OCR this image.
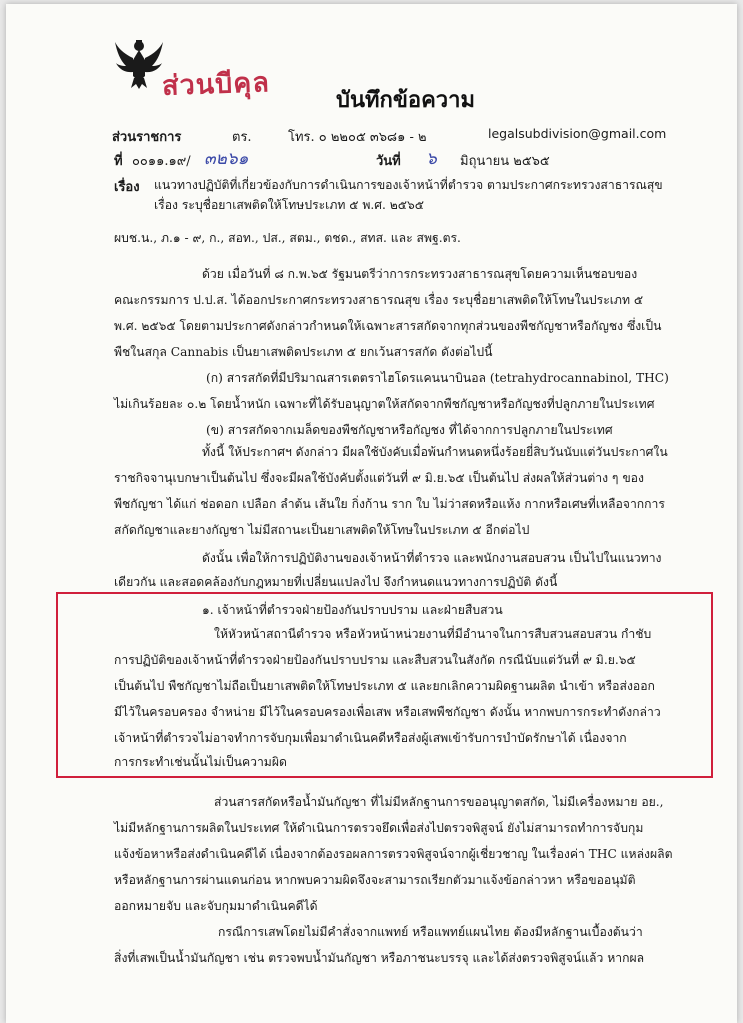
ส่วนบีคุล	บันทึกข้อความ
ส่วนราชการ	ตร.	โทร. ๐ ๒๒๐๕ ๓๖๘๑ - ๒	legalsubdivision@gmail.com
ที่ ๐๐๑๑.๑๙/ ๓๒๖๑	วันที่ ๖ มิถุนายน ๒๕๖๕
เรื่อง แนวทางปฏิบัติที่เกี่ยวข้องกับการดำเนินการของเจ้าหน้าที่ตำรวจ ตามประกาศกระทรวงสาธารณสุข
เรื่อง ระบุชื่อยาเสพติดให้โทษประเภท ๕ พ.ศ. ๒๕๖๕
ผบช.น., ภ.๑ - ๙, ก., สอท., ปส., สตม., ตชด., สทส. และ สพฐ.ตร.
ด้วย เมื่อวันที่ ๘ ก.พ.๖๕ รัฐมนตรีว่าการกระทรวงสาธารณสุขโดยความเห็นชอบของ
คณะกรรมการ ป.ป.ส. ได้ออกประกาศกระทรวงสาธารณสุข เรื่อง ระบุชื่อยาเสพติดให้โทษในประเภท ๕
พ.ศ. ๒๕๖๕ โดยตามประกาศดังกล่าวกำหนดให้เฉพาะสารสกัดจากทุกส่วนของพืชกัญชาหรือกัญชง ซึ่งเป็น
พืชในสกุล Cannabis เป็นยาเสพติดประเภท ๕ ยกเว้นสารสกัด ดังต่อไปนี้
(ก) สารสกัดที่มีปริมาณสารเตตราไฮโดรแคนนาบินอล (tetrahydrocannabinol, THC)
ไม่เกินร้อยละ ๐.๒ โดยน้ำหนัก เฉพาะที่ได้รับอนุญาตให้สกัดจากพืชกัญชาหรือกัญชงที่ปลูกภายในประเทศ
(ข) สารสกัดจากเมล็ดของพืชกัญชาหรือกัญชง ที่ได้จากการปลูกภายในประเทศ
ทั้งนี้ ให้ประกาศฯ ดังกล่าว มีผลใช้บังคับเมื่อพ้นกำหนดหนึ่งร้อยยี่สิบวันนับแต่วันประกาศใน
ราชกิจจานุเบกษาเป็นต้นไป ซึ่งจะมีผลใช้บังคับตั้งแต่วันที่ ๙ มิ.ย.๖๕ เป็นต้นไป ส่งผลให้ส่วนต่าง ๆ ของ
พืชกัญชา ได้แก่ ช่อดอก เปลือก ลำต้น เส้นใย กิ่งก้าน ราก ใบ ไม่ว่าสดหรือแห้ง กากหรือเศษที่เหลือจากการ
สกัดกัญชาและยางกัญชา ไม่มีสถานะเป็นยาเสพติดให้โทษในประเภท ๕ อีกต่อไป
ดังนั้น เพื่อให้การปฏิบัติงานของเจ้าหน้าที่ตำรวจ และพนักงานสอบสวน เป็นไปในแนวทาง
เดียวกัน และสอดคล้องกับกฎหมายที่เปลี่ยนแปลงไป จึงกำหนดแนวทางการปฏิบัติ ดังนี้
๑. เจ้าหน้าที่ตำรวจฝ่ายป้องกันปราบปราม และฝ่ายสืบสวน
ให้หัวหน้าสถานีตำรวจ หรือหัวหน้าหน่วยงานที่มีอำนาจในการสืบสวนสอบสวน กำชับ
การปฏิบัติของเจ้าหน้าที่ตำรวจฝ่ายป้องกันปราบปราม และสืบสวนในสังกัด กรณีนับแต่วันที่ ๙ มิ.ย.๖๕
เป็นต้นไป พืชกัญชาไม่ถือเป็นยาเสพติดให้โทษประเภท ๕ และยกเลิกความผิดฐานผลิต นำเข้า หรือส่งออก
มีไว้ในครอบครอง จำหน่าย มีไว้ในครอบครองเพื่อเสพ หรือเสพพืชกัญชา ดังนั้น หากพบการกระทำดังกล่าว
เจ้าหน้าที่ตำรวจไม่อาจทำการจับกุมเพื่อมาดำเนินคดีหรือส่งผู้เสพเข้ารับการบำบัดรักษาได้ เนื่องจาก
การกระทำเช่นนั้นไม่เป็นความผิด
ส่วนสารสกัดหรือน้ำมันกัญชา ที่ไม่มีหลักฐานการขออนุญาตสกัด, ไม่มีเครื่องหมาย อย.,
ไม่มีหลักฐานการผลิตในประเทศ ให้ดำเนินการตรวจยึดเพื่อส่งไปตรวจพิสูจน์ ยังไม่สามารถทำการจับกุม
แจ้งข้อหาหรือส่งดำเนินคดีได้ เนื่องจากต้องรอผลการตรวจพิสูจน์จากผู้เชี่ยวชาญ ในเรื่องค่า THC แหล่งผลิต
หรือหลักฐานการผ่านแดนก่อน หากพบความผิดจึงจะสามารถเรียกตัวมาแจ้งข้อกล่าวหา หรือขออนุมัติ
ออกหมายจับ และจับกุมมาดำเนินคดีได้
กรณีการเสพโดยไม่มีคำสั่งจากแพทย์ หรือแพทย์แผนไทย ต้องมีหลักฐานเบื้องต้นว่า
สิ่งที่เสพเป็นน้ำมันกัญชา เช่น ตรวจพบน้ำมันกัญชา หรือภาชนะบรรจุ และได้ส่งตรวจพิสูจน์แล้ว หากผล
